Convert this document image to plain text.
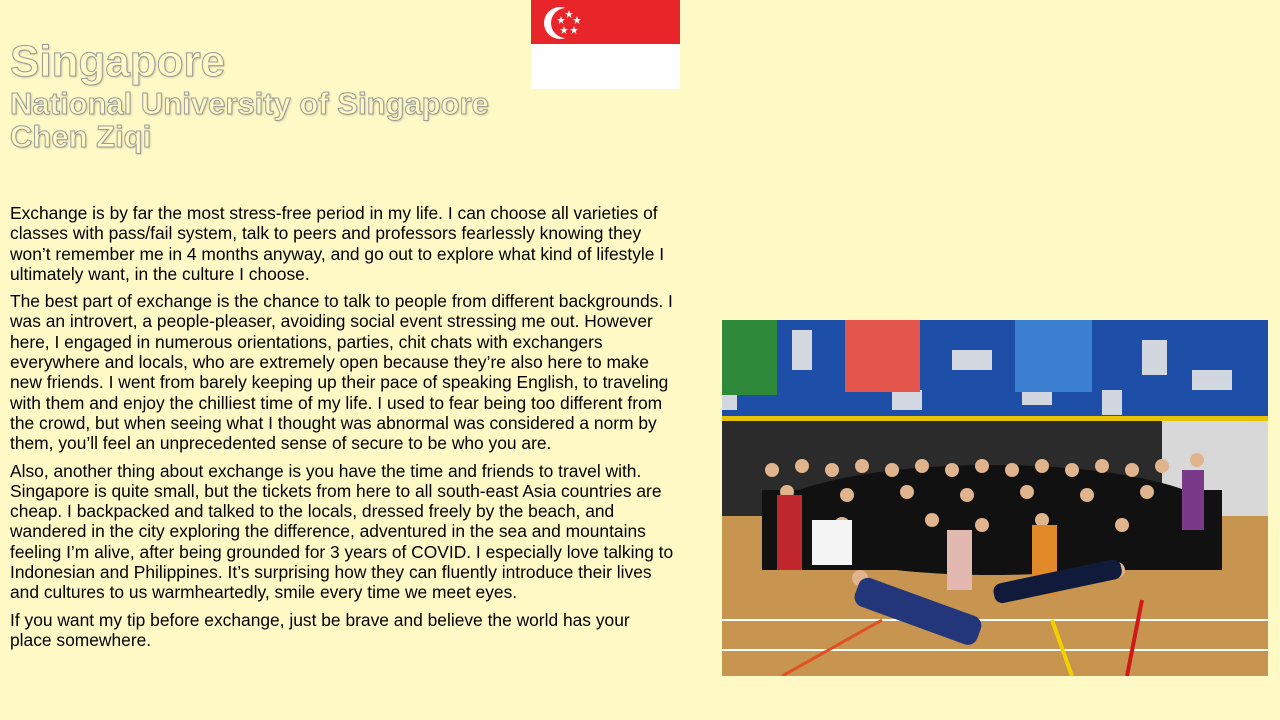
Singapore
National University of Singapore
Chen Ziqi

Exchange is by far the most stress-free period in my life. I can choose all varieties of classes with pass/fail system, talk to peers and professors fearlessly knowing they won’t remember me in 4 months anyway, and go out to explore what kind of lifestyle I ultimately want, in the culture I choose.

The best part of exchange is the chance to talk to people from different backgrounds. I was an introvert, a people-pleaser, avoiding social event stressing me out. However here, I engaged in numerous orientations, parties, chit chats with exchangers everywhere and locals, who are extremely open because they’re also here to make new friends. I went from barely keeping up their pace of speaking English, to traveling with them and enjoy the chilliest time of my life. I used to fear being too different from the crowd, but when seeing what I thought was abnormal was considered a norm by them, you’ll feel an unprecedented sense of secure to be who you are.

Also, another thing about exchange is you have the time and friends to travel with. Singapore is quite small, but the tickets from here to all south-east Asia countries are cheap. I backpacked and talked to the locals, dressed freely by the beach, and wandered in the city exploring the difference, adventured in the sea and mountains feeling I’m alive, after being grounded for 3 years of COVID. I especially love talking to Indonesian and Philippines. It’s surprising how they can fluently introduce their lives and cultures to us warmheartedly, smile every time we meet eyes.

If you want my tip before exchange, just be brave and believe the world has your place somewhere.
